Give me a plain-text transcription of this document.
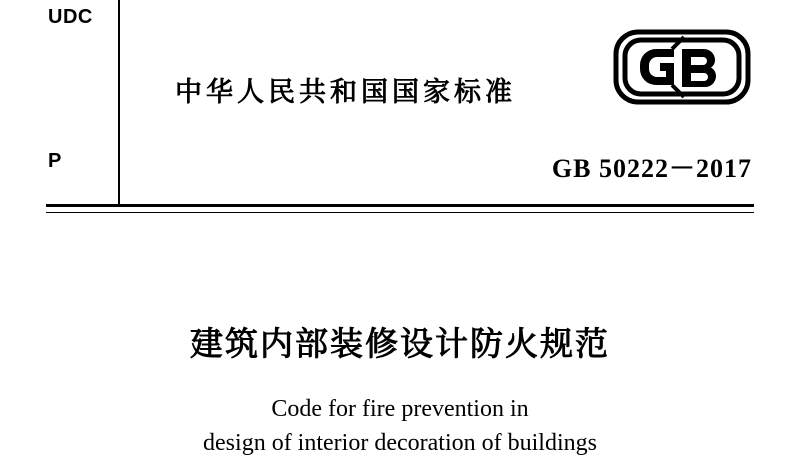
UDC
中华人民共和国国家标准
P	GB 50222－2017
建筑内部装修设计防火规范
Code for fire prevention in
design of interior decoration of buildings
